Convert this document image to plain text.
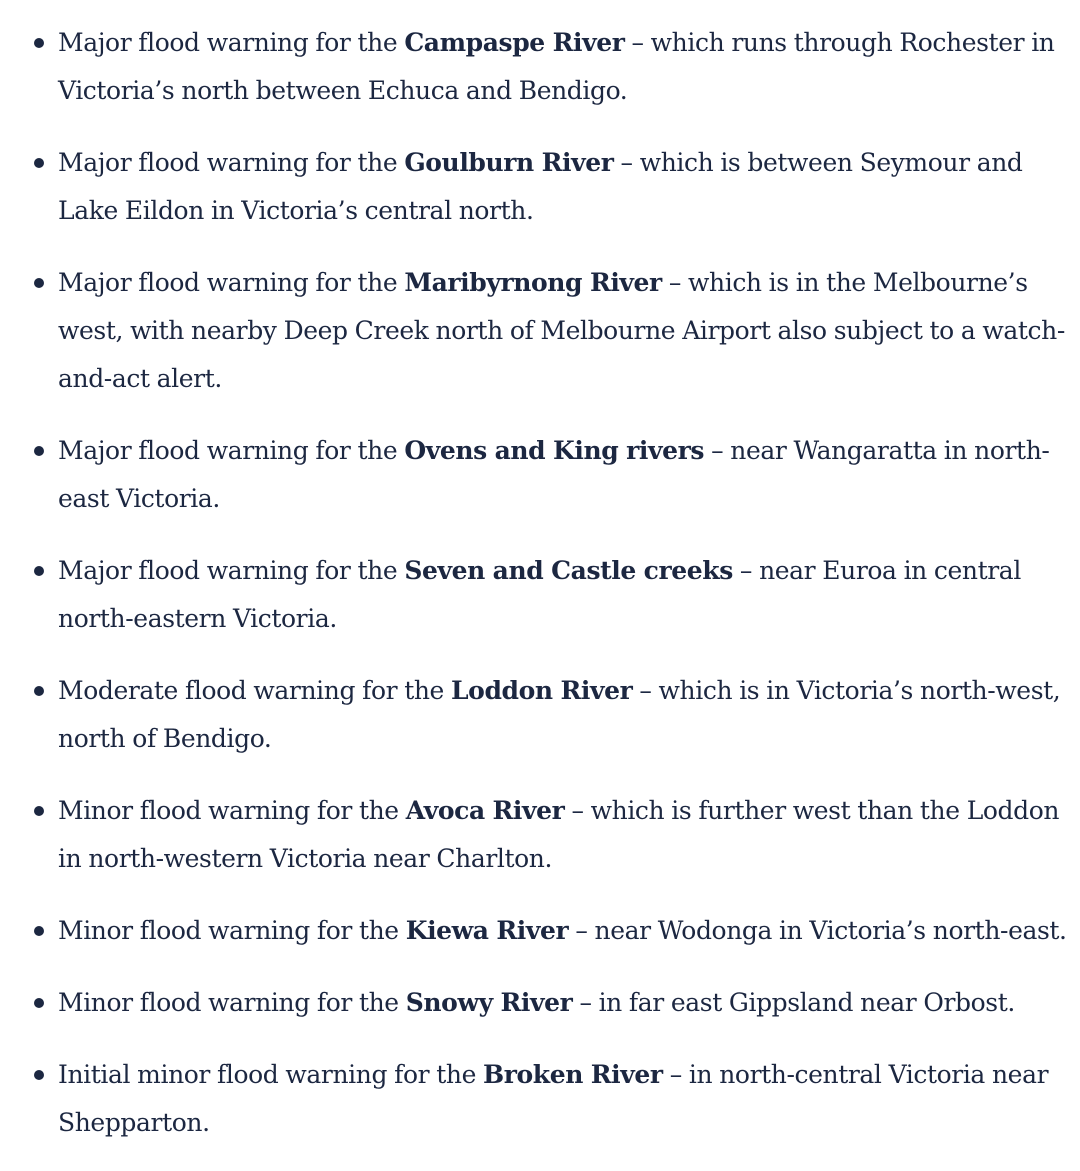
Major flood warning for the Campaspe River – which runs through Rochester in Victoria’s north between Echuca and Bendigo.
Major flood warning for the Goulburn River – which is between Seymour and Lake Eildon in Victoria’s central north.
Major flood warning for the Maribyrnong River – which is in the Melbourne’s west, with nearby Deep Creek north of Melbourne Airport also subject to a watch-and-act alert.
Major flood warning for the Ovens and King rivers – near Wangaratta in north-east Victoria.
Major flood warning for the Seven and Castle creeks – near Euroa in central north-eastern Victoria.
Moderate flood warning for the Loddon River – which is in Victoria’s north-west, north of Bendigo.
Minor flood warning for the Avoca River – which is further west than the Loddon in north-western Victoria near Charlton.
Minor flood warning for the Kiewa River – near Wodonga in Victoria’s north-east.
Minor flood warning for the Snowy River – in far east Gippsland near Orbost.
Initial minor flood warning for the Broken River – in north-central Victoria near Shepparton.
